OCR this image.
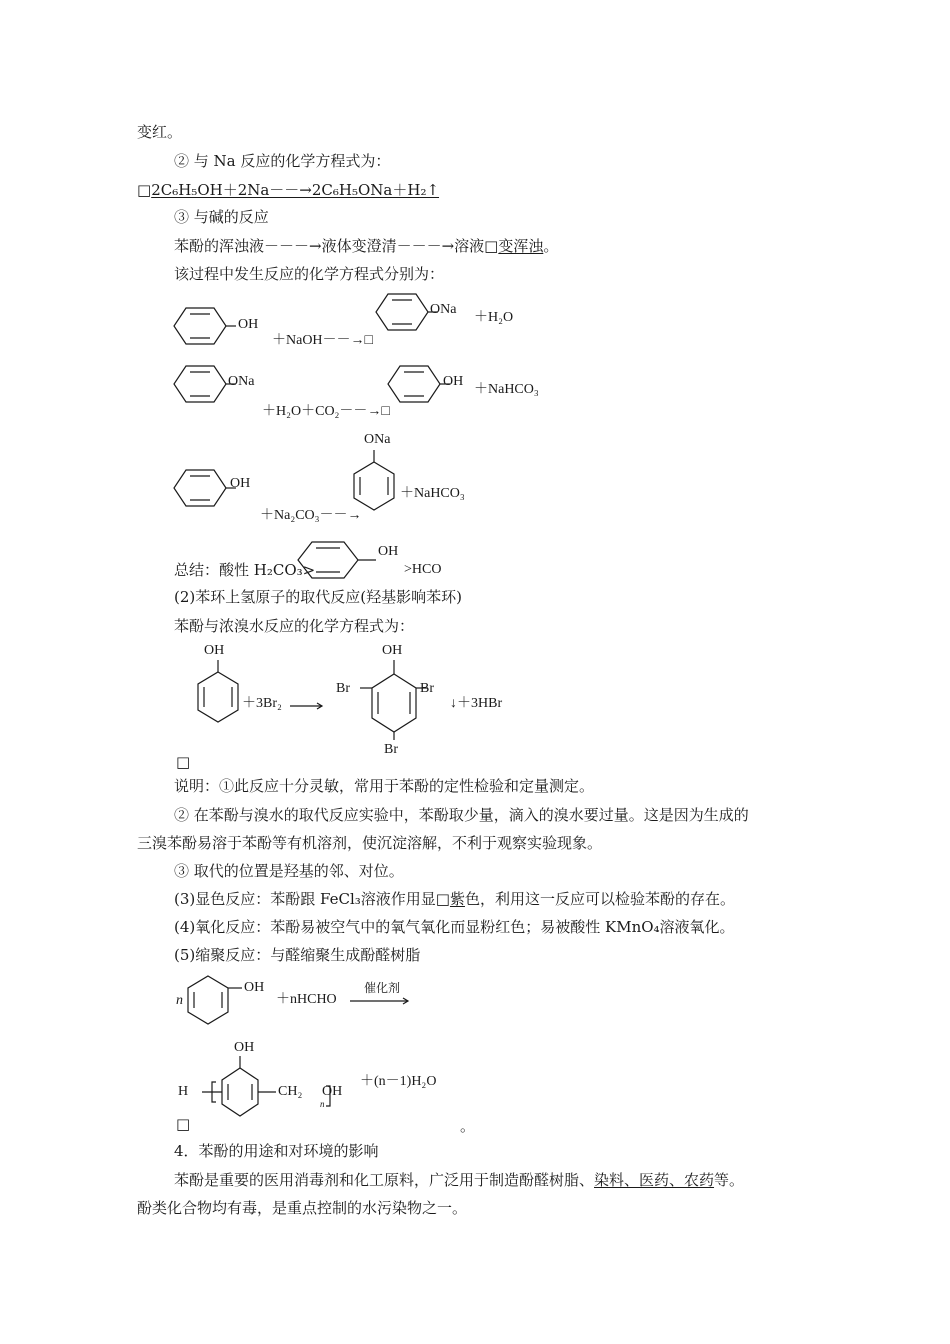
变红。
② 与 Na 反应的化学方程式为：
□2C₆H₅OH＋2Na－－→2C₆H₅ONa＋H₂↑
③ 与碱的反应
苯酚的浑浊液－－－→液体变澄清－－－→溶液□变浑浊。
该过程中发生反应的化学方程式分别为：
OH
＋NaOH－－→□
ONa
＋H₂O
ONa
＋H₂O＋CO₂－－→□
OH
＋NaHCO₃
OH
＋Na₂CO₃－－→
ONa
＋NaHCO₃
总结：酸性 H₂CO₃>
OH
>HCO
(2)苯环上氢原子的取代反应(羟基影响苯环)
苯酚与浓溴水反应的化学方程式为：
OH
＋3Br₂ →
OH
Br	Br
Br
↓＋3HBr
□
说明：①此反应十分灵敏，常用于苯酚的定性检验和定量测定。
② 在苯酚与溴水的取代反应实验中，苯酚取少量，滴入的溴水要过量。这是因为生成的
三溴苯酚易溶于苯酚等有机溶剂，使沉淀溶解，不利于观察实验现象。
③ 取代的位置是羟基的邻、对位。
(3)显色反应：苯酚跟 FeCl₃溶液作用显□紫色，利用这一反应可以检验苯酚的存在。
(4)氧化反应：苯酚易被空气中的氧气氧化而显粉红色；易被酸性 KMnO₄溶液氧化。
(5)缩聚反应：与醛缩聚生成酚醛树脂
n
OH
＋nHCHO
催化剂
OH
H	CH₂
n
OH
＋(n－1)H₂O
□	。
4．苯酚的用途和对环境的影响
苯酚是重要的医用消毒剂和化工原料，广泛用于制造酚醛树脂、染料、医药、农药等。
酚类化合物均有毒，是重点控制的水污染物之一。
